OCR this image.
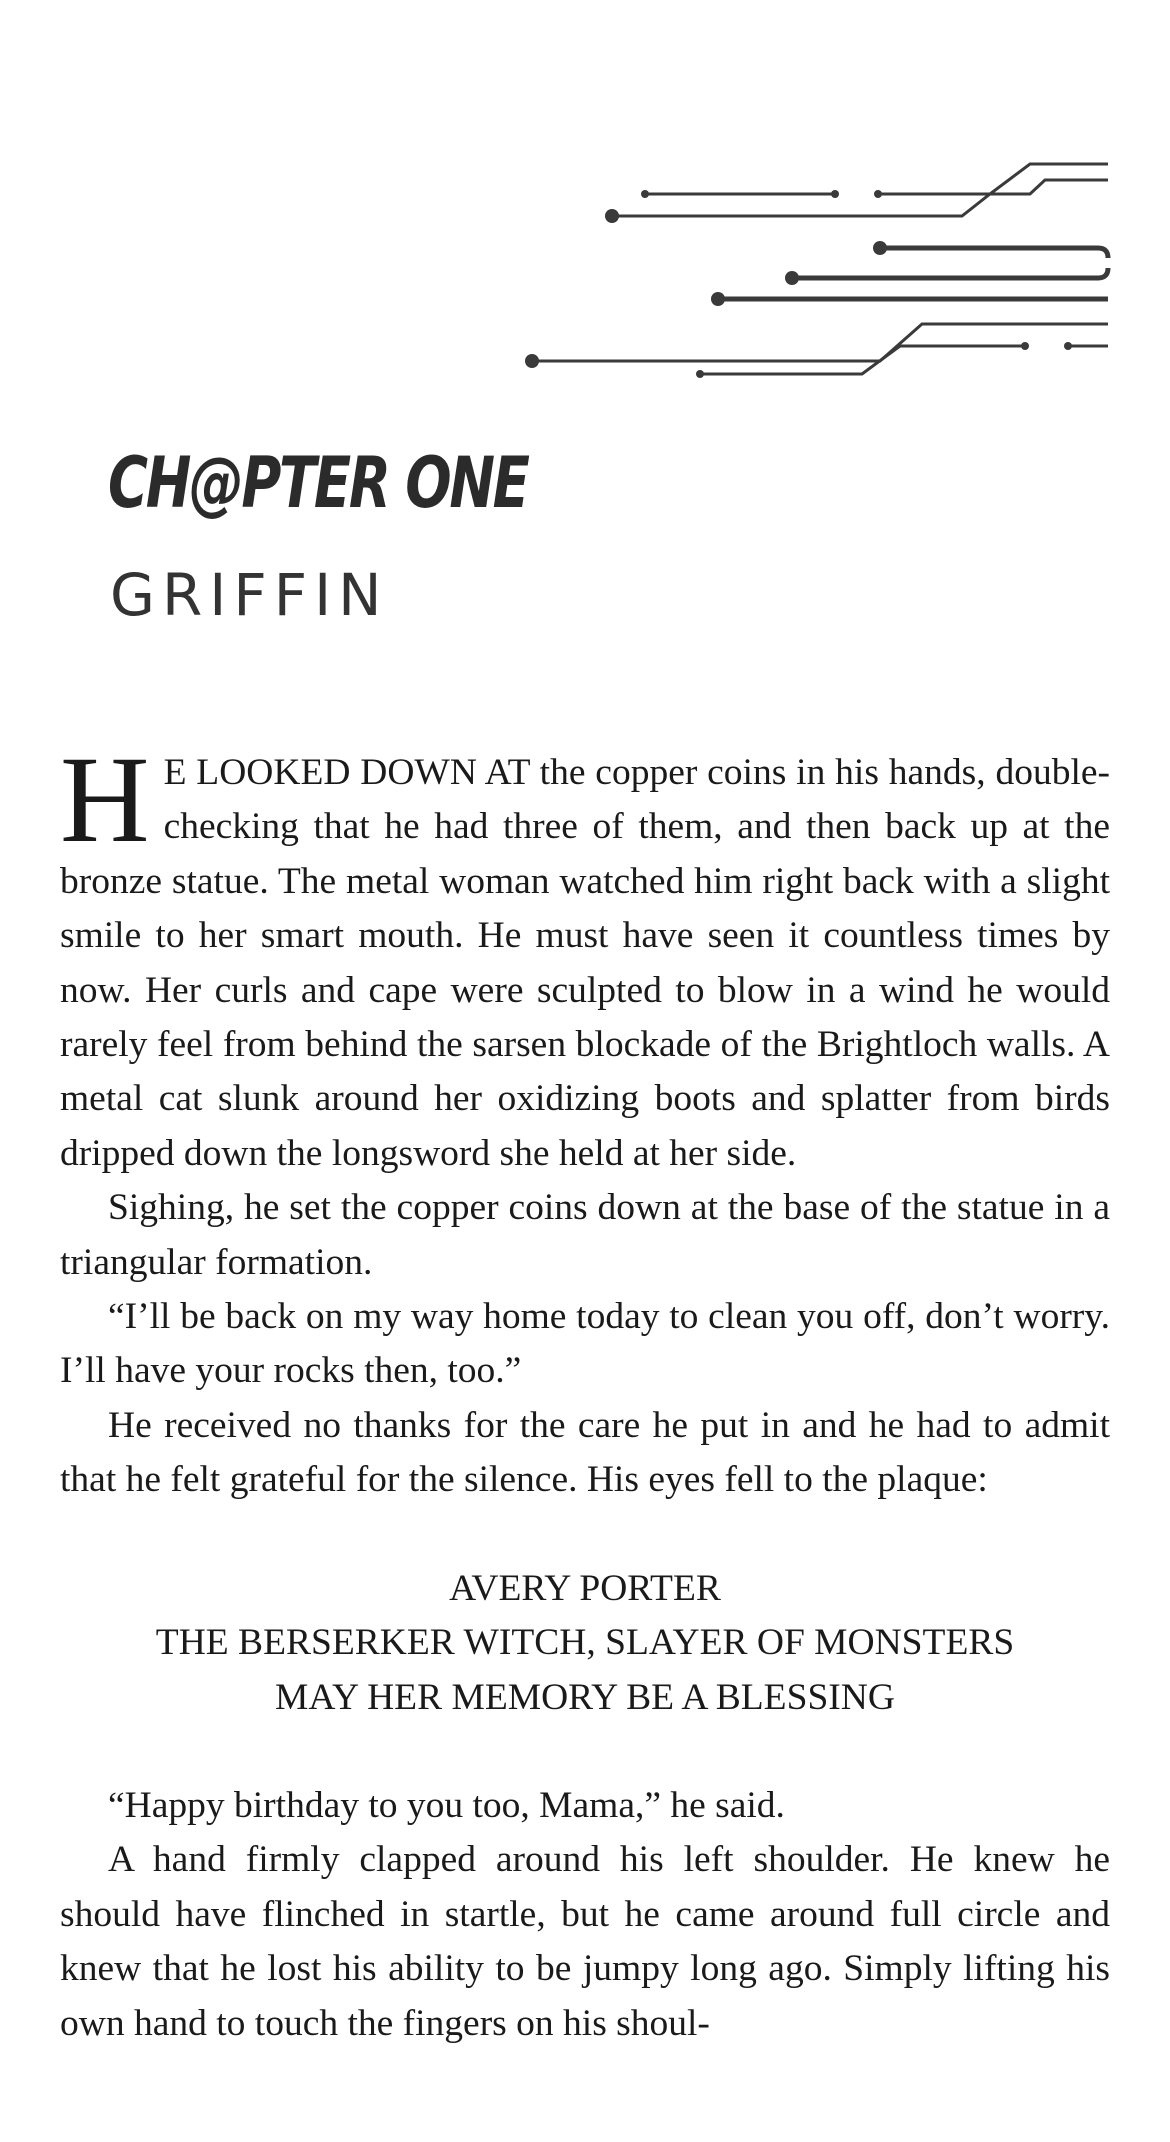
CH@PTER ONE
GRIFFIN

H E LOOKED DOWN AT the copper coins in his hands, double-checking that he had three of them, and then back up at the bronze statue. The metal woman watched him right back with a slight smile to her smart mouth. He must have seen it countless times by now. Her curls and cape were sculpted to blow in a wind he would rarely feel from behind the sarsen blockade of the Brightloch walls. A metal cat slunk around her oxidizing boots and splatter from birds dripped down the longsword she held at her side.

Sighing, he set the copper coins down at the base of the statue in a triangular formation.

“I’ll be back on my way home today to clean you off, don’t worry. I’ll have your rocks then, too.”

He received no thanks for the care he put in and he had to admit that he felt grateful for the silence. His eyes fell to the plaque:

AVERY PORTER
THE BERSERKER WITCH, SLAYER OF MONSTERS
MAY HER MEMORY BE A BLESSING

“Happy birthday to you too, Mama,” he said.

A hand firmly clapped around his left shoulder. He knew he should have flinched in startle, but he came around full circle and knew that he lost his ability to be jumpy long ago. Simply lifting his own hand to touch the fingers on his shoul-
